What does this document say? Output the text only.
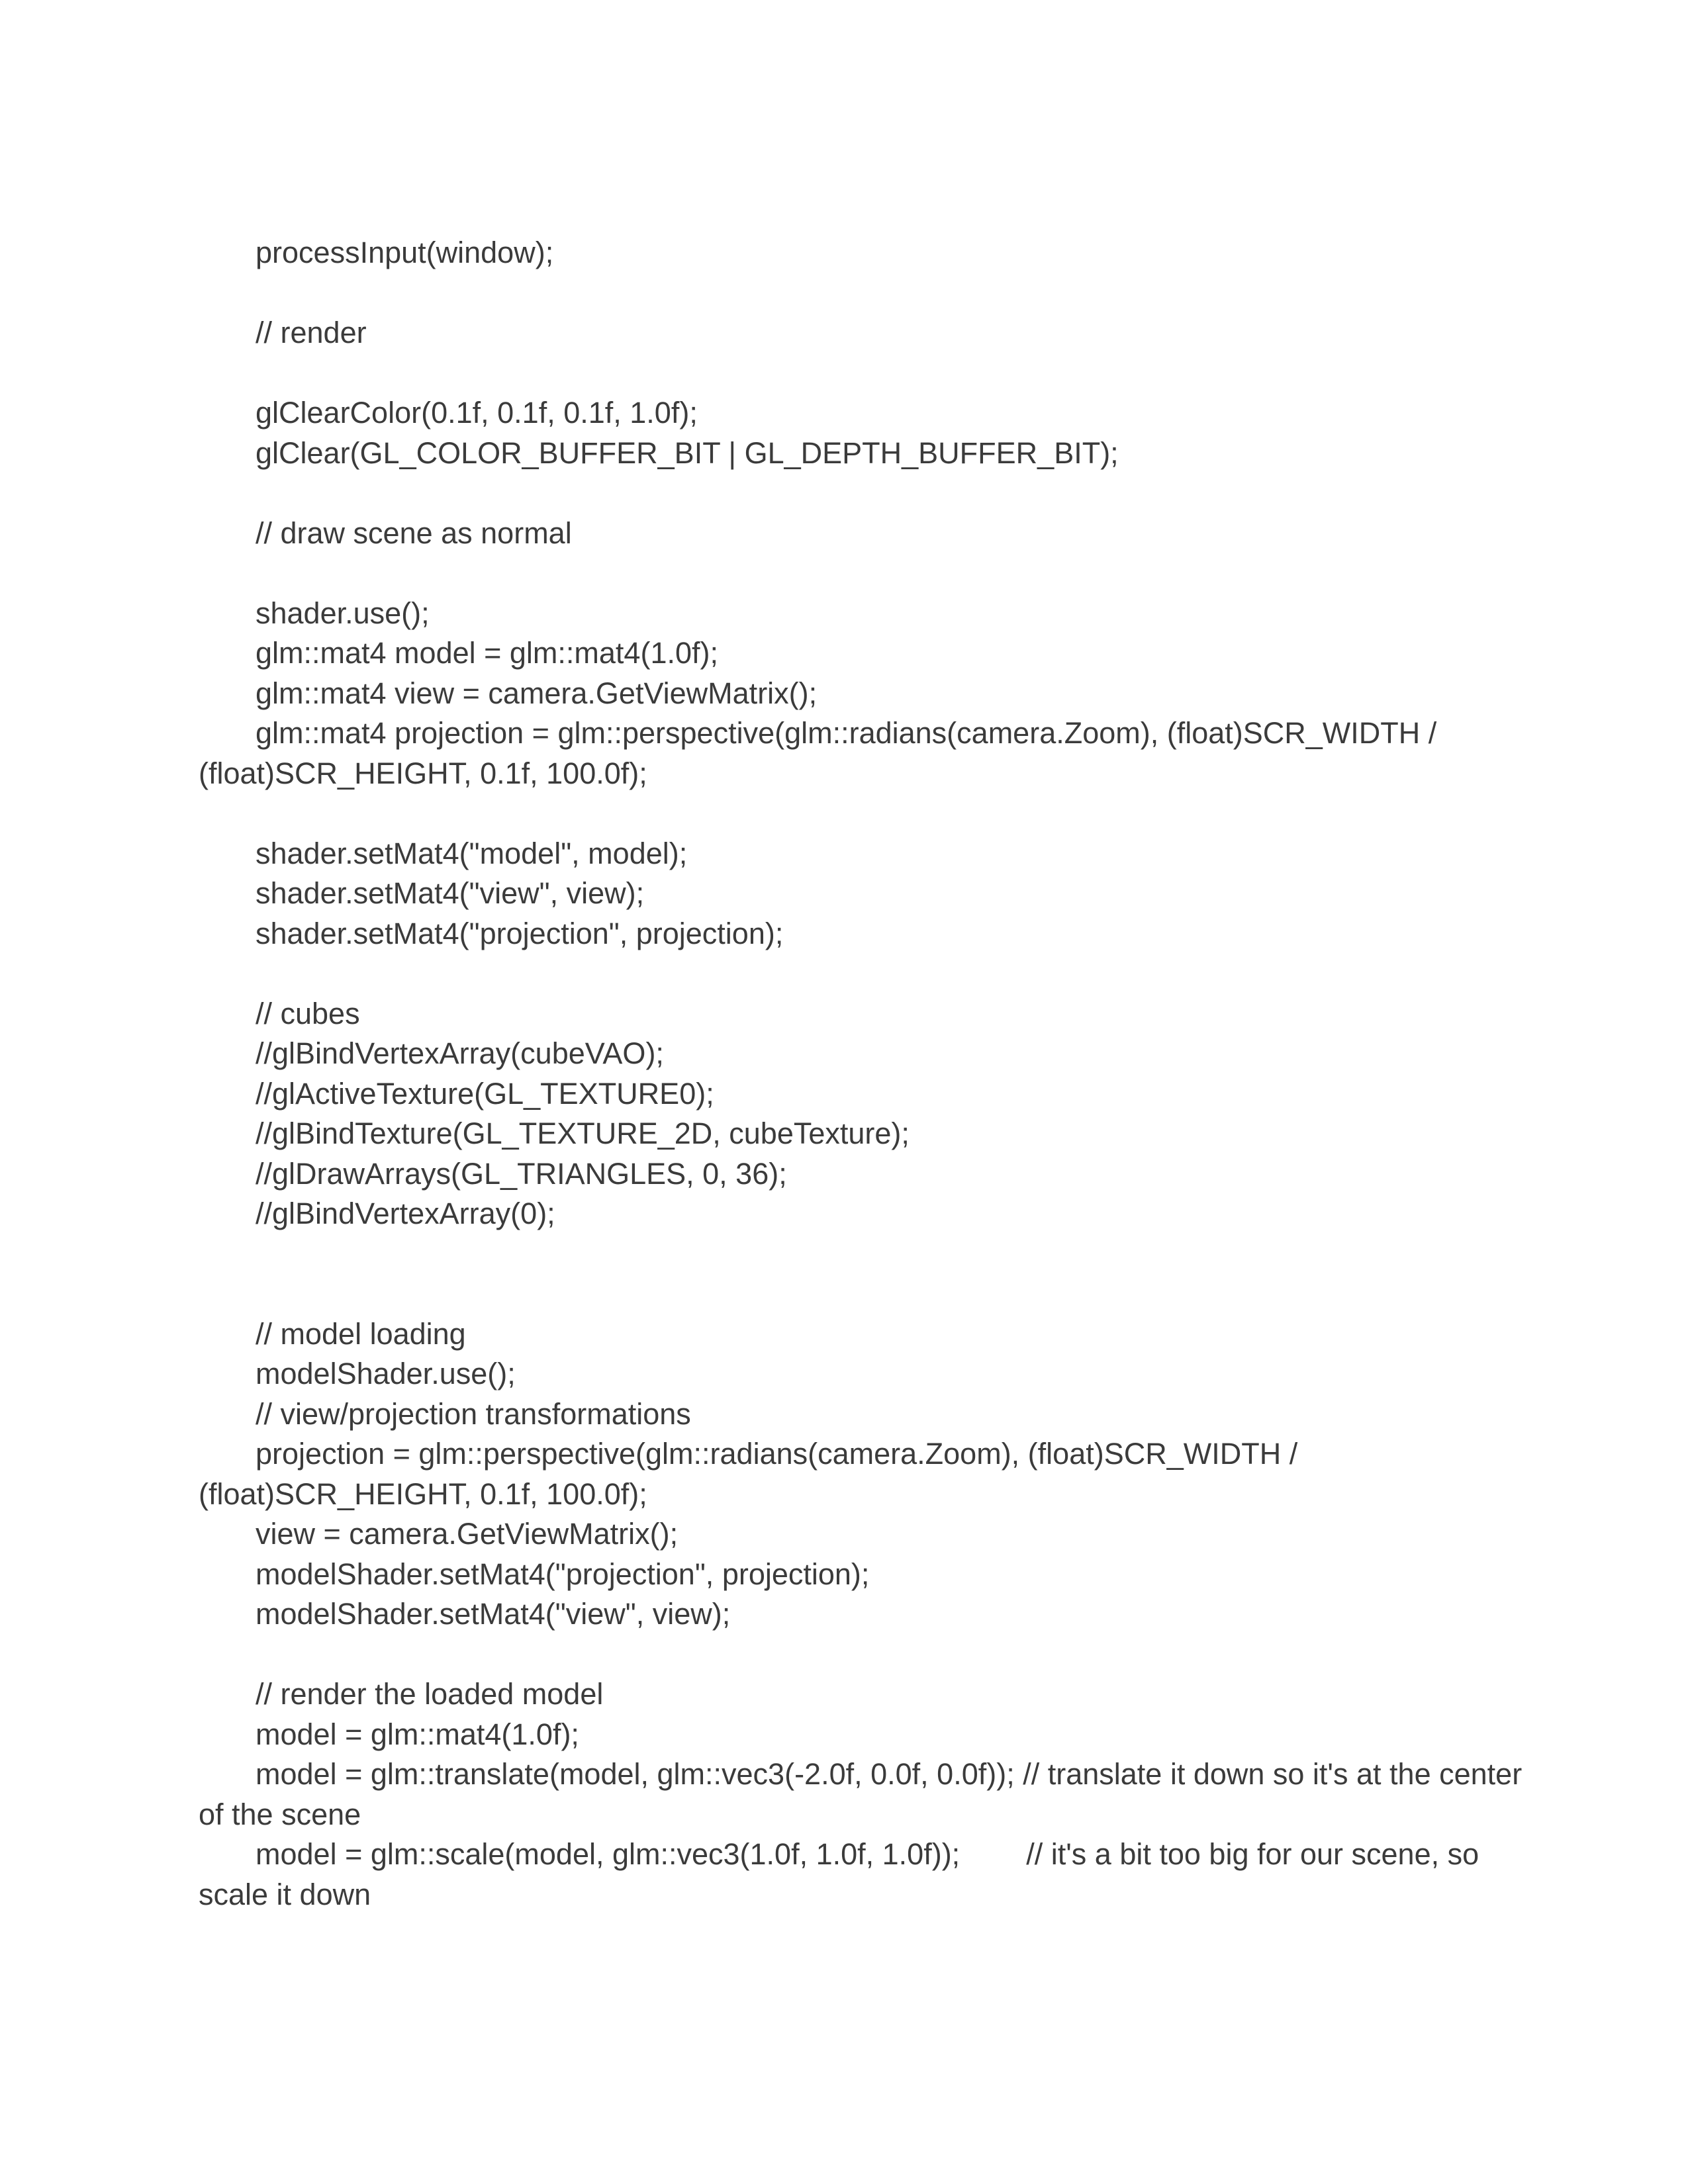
processInput(window);
// render
glClearColor(0.1f, 0.1f, 0.1f, 1.0f);
glClear(GL_COLOR_BUFFER_BIT | GL_DEPTH_BUFFER_BIT);
// draw scene as normal
shader.use();
glm::mat4 model = glm::mat4(1.0f);
glm::mat4 view = camera.GetViewMatrix();
glm::mat4 projection = glm::perspective(glm::radians(camera.Zoom), (float)SCR_WIDTH /
(float)SCR_HEIGHT, 0.1f, 100.0f);
shader.setMat4("model", model);
shader.setMat4("view", view);
shader.setMat4("projection", projection);
// cubes
//glBindVertexArray(cubeVAO);
//glActiveTexture(GL_TEXTURE0);
//glBindTexture(GL_TEXTURE_2D, cubeTexture);
//glDrawArrays(GL_TRIANGLES, 0, 36);
//glBindVertexArray(0);
// model loading
modelShader.use();
// view/projection transformations
projection = glm::perspective(glm::radians(camera.Zoom), (float)SCR_WIDTH /
(float)SCR_HEIGHT, 0.1f, 100.0f);
view = camera.GetViewMatrix();
modelShader.setMat4("projection", projection);
modelShader.setMat4("view", view);
// render the loaded model
model = glm::mat4(1.0f);
model = glm::translate(model, glm::vec3(-2.0f, 0.0f, 0.0f)); // translate it down so it's at the center
of the scene
model = glm::scale(model, glm::vec3(1.0f, 1.0f, 1.0f));        // it's a bit too big for our scene, so
scale it down
